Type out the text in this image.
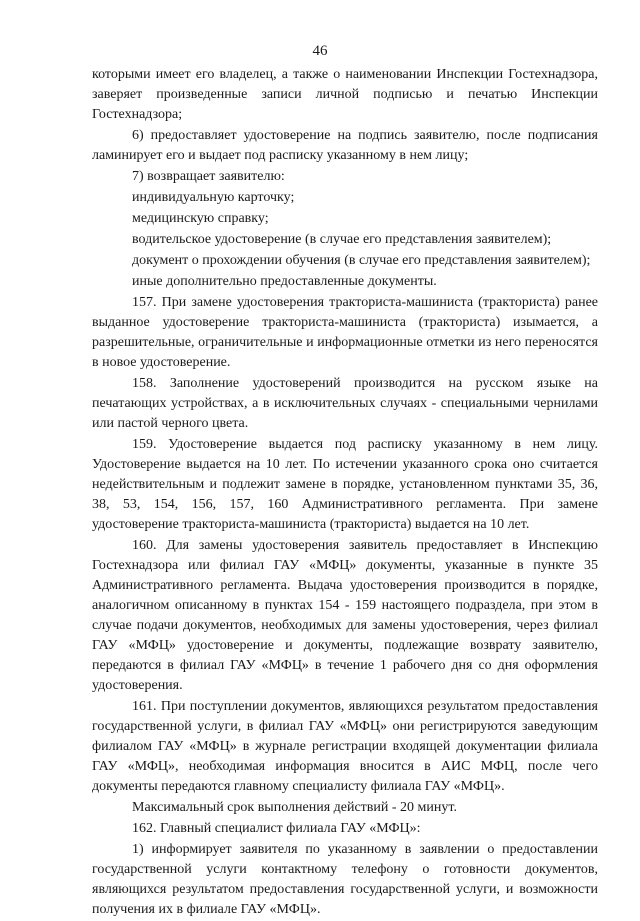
46

которыми имеет его владелец, а также о наименовании Инспекции Гостехнадзора, заверяет произведенные записи личной подписью и печатью Инспекции Гостехнадзора;

6) предоставляет удостоверение на подпись заявителю, после подписания ламинирует его и выдает под расписку указанному в нем лицу;

7) возвращает заявителю:

индивидуальную карточку;

медицинскую справку;

водительское удостоверение (в случае его представления заявителем);

документ о прохождении обучения (в случае его представления заявителем);

иные дополнительно предоставленные документы.

157. При замене удостоверения тракториста-машиниста (тракториста) ранее выданное удостоверение тракториста-машиниста (тракториста) изымается, а разрешительные, ограничительные и информационные отметки из него переносятся в новое удостоверение.

158. Заполнение удостоверений производится на русском языке на печатающих устройствах, а в исключительных случаях - специальными чернилами или пастой черного цвета.

159. Удостоверение выдается под расписку указанному в нем лицу. Удостоверение выдается на 10 лет. По истечении указанного срока оно считается недействительным и подлежит замене в порядке, установленном пунктами 35, 36, 38, 53, 154, 156, 157, 160 Административного регламента. При замене удостоверение тракториста-машиниста (тракториста) выдается на 10 лет.

160. Для замены удостоверения заявитель предоставляет в Инспекцию Гостехнадзора или филиал ГАУ «МФЦ» документы, указанные в пункте 35 Административного регламента. Выдача удостоверения производится в порядке, аналогичном описанному в пунктах 154 - 159 настоящего подраздела, при этом в случае подачи документов, необходимых для замены удостоверения, через филиал ГАУ «МФЦ» удостоверение и документы, подлежащие возврату заявителю, передаются в филиал ГАУ «МФЦ» в течение 1 рабочего дня со дня оформления удостоверения.

161. При поступлении документов, являющихся результатом предоставления государственной услуги, в филиал ГАУ «МФЦ» они регистрируются заведующим филиалом ГАУ «МФЦ» в журнале регистрации входящей документации филиала ГАУ «МФЦ», необходимая информация вносится в АИС МФЦ, после чего документы передаются главному специалисту филиала ГАУ «МФЦ».

Максимальный срок выполнения действий - 20 минут.

162. Главный специалист филиала ГАУ «МФЦ»:

1) информирует заявителя по указанному в заявлении о предоставлении государственной услуги контактному телефону о готовности документов, являющихся результатом предоставления государственной услуги, и возможности получения их в филиале ГАУ «МФЦ».
